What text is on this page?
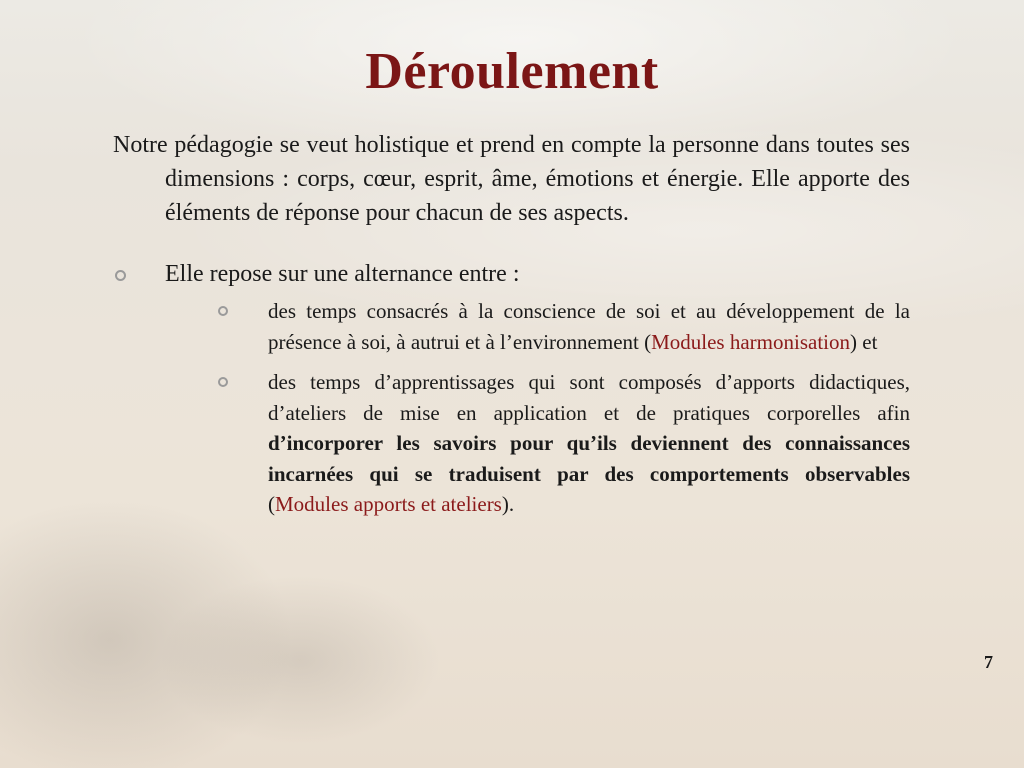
Déroulement

Notre pédagogie se veut holistique et prend en compte la personne dans toutes ses dimensions : corps, cœur, esprit, âme, émotions et énergie. Elle apporte des éléments de réponse pour chacun de ses aspects.

Elle repose sur une alternance entre :
des temps consacrés à la conscience de soi et au développement de la présence à soi, à autrui et à l’environnement (Modules harmonisation) et
des temps d’apprentissages qui sont composés d’apports didactiques, d’ateliers de mise en application et de pratiques corporelles afin d’incorporer les savoirs pour qu’ils deviennent des connaissances incarnées qui se traduisent par des comportements observables (Modules apports et ateliers).
7
